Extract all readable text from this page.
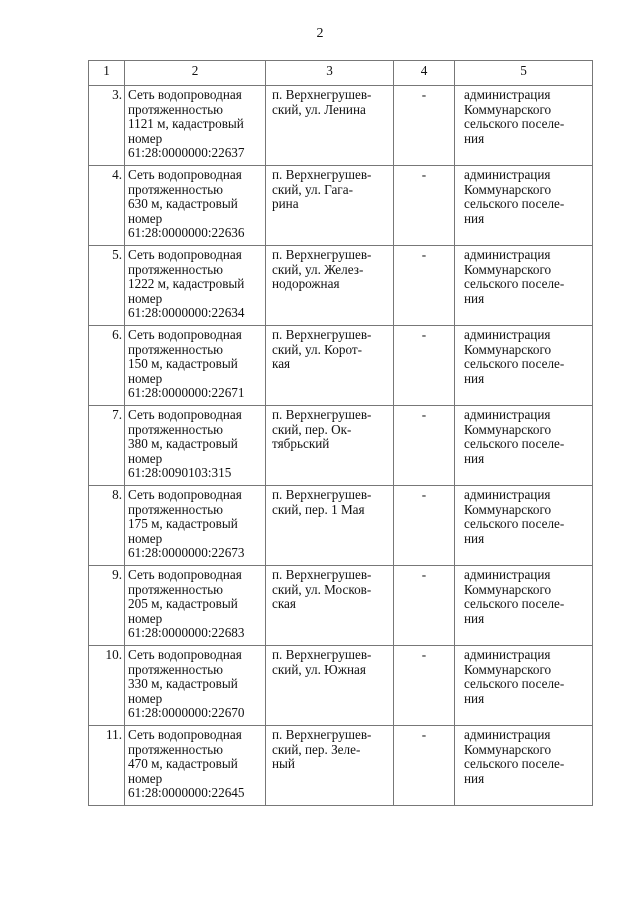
2
1	2	3	4	5
3.	Сеть водопроводная
протяженностью
1121 м, кадастровый
номер
61:28:0000000:22637	п. Верхнегрушев-
ский, ул. Ленина	-	администрация
Коммунарского
сельского поселе-
ния
4.	Сеть водопроводная
протяженностью
630 м, кадастровый
номер
61:28:0000000:22636	п. Верхнегрушев-
ский, ул. Гага-
рина	-	администрация
Коммунарского
сельского поселе-
ния
5.	Сеть водопроводная
протяженностью
1222 м, кадастровый
номер
61:28:0000000:22634	п. Верхнегрушев-
ский, ул. Желез-
нодорожная	-	администрация
Коммунарского
сельского поселе-
ния
6.	Сеть водопроводная
протяженностью
150 м, кадастровый
номер
61:28:0000000:22671	п. Верхнегрушев-
ский, ул. Корот-
кая	-	администрация
Коммунарского
сельского поселе-
ния
7.	Сеть водопроводная
протяженностью
380 м, кадастровый
номер
61:28:0090103:315	п. Верхнегрушев-
ский, пер. Ок-
тябрьский	-	администрация
Коммунарского
сельского поселе-
ния
8.	Сеть водопроводная
протяженностью
175 м, кадастровый
номер
61:28:0000000:22673	п. Верхнегрушев-
ский, пер. 1 Мая	-	администрация
Коммунарского
сельского поселе-
ния
9.	Сеть водопроводная
протяженностью
205 м, кадастровый
номер
61:28:0000000:22683	п. Верхнегрушев-
ский, ул. Москов-
ская	-	администрация
Коммунарского
сельского поселе-
ния
10.	Сеть водопроводная
протяженностью
330 м, кадастровый
номер
61:28:0000000:22670	п. Верхнегрушев-
ский, ул. Южная	-	администрация
Коммунарского
сельского поселе-
ния
11.	Сеть водопроводная
протяженностью
470 м, кадастровый
номер
61:28:0000000:22645	п. Верхнегрушев-
ский, пер. Зеле-
ный	-	администрация
Коммунарского
сельского поселе-
ния
